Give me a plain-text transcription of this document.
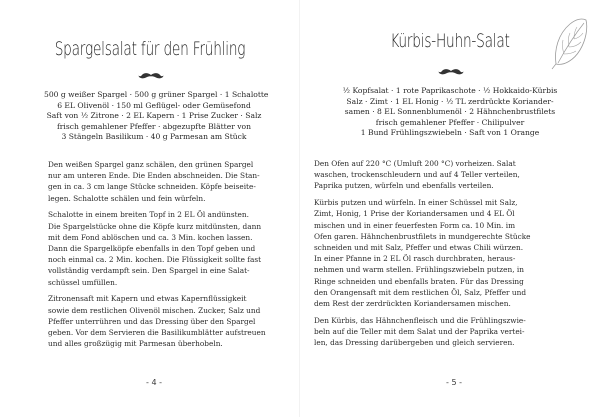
Spargelsalat für den Frühling
500 g weißer Spargel · 500 g grüner Spargel · 1 Schalotte
6 EL Olivenöl · 150 ml Geflügel- oder Gemüsefond
Saft von ½ Zitrone · 2 EL Kapern · 1 Prise Zucker · Salz
frisch gemahlener Pfeffer · abgezupfte Blätter von
3 Stängeln Basilikum · 40 g Parmesan am Stück

Den weißen Spargel ganz schälen, den grünen Spargel
nur am unteren Ende. Die Enden abschneiden. Die Stan-
gen in ca. 3 cm lange Stücke schneiden. Köpfe beiseite-
legen. Schalotte schälen und fein würfeln.

Schalotte in einem breiten Topf in 2 EL Öl andünsten.
Die Spargelstücke ohne die Köpfe kurz mitdünsten, dann
mit dem Fond ablöschen und ca. 3 Min. kochen lassen.
Dann die Spargelköpfe ebenfalls in den Topf geben und
noch einmal ca. 2 Min. kochen. Die Flüssigkeit sollte fast
vollständig verdampft sein. Den Spargel in eine Salat-
schüssel umfüllen.

Zitronensaft mit Kapern und etwas Kapernflüssigkeit
sowie dem restlichen Olivenöl mischen. Zucker, Salz und
Pfeffer unterrühren und das Dressing über den Spargel
geben. Vor dem Servieren die Basilikumblätter aufstreuen
und alles großzügig mit Parmesan überhobeln.

- 4 -
Kürbis-Huhn-Salat
½ Kopfsalat · 1 rote Paprikaschote · ½ Hokkaido-Kürbis
Salz · Zimt · 1 EL Honig · ½ TL zerdrückte Koriander-
samen · 8 EL Sonnenblumenöl · 2 Hähnchenbrustfilets
frisch gemahlener Pfeffer · Chilipulver
1 Bund Frühlingszwiebeln · Saft von 1 Orange

Den Ofen auf 220 °C (Umluft 200 °C) vorheizen. Salat
waschen, trockenschleudern und auf 4 Teller verteilen,
Paprika putzen, würfeln und ebenfalls verteilen.

Kürbis putzen und würfeln. In einer Schüssel mit Salz,
Zimt, Honig, 1 Prise der Koriandersamen und 4 EL Öl
mischen und in einer feuerfesten Form ca. 10 Min. im
Ofen garen. Hähnchenbrustfilets in mundgerechte Stücke
schneiden und mit Salz, Pfeffer und etwas Chili würzen.
In einer Pfanne in 2 EL Öl rasch durchbraten, heraus-
nehmen und warm stellen. Frühlingszwiebeln putzen, in
Ringe schneiden und ebenfalls braten. Für das Dressing
den Orangensaft mit dem restlichen Öl, Salz, Pfeffer und
dem Rest der zerdrückten Koriandersamen mischen.

Den Kürbis, das Hähnchenfleisch und die Frühlingszwie-
beln auf die Teller mit dem Salat und der Paprika vertei-
len, das Dressing darübergeben und gleich servieren.

- 5 -
